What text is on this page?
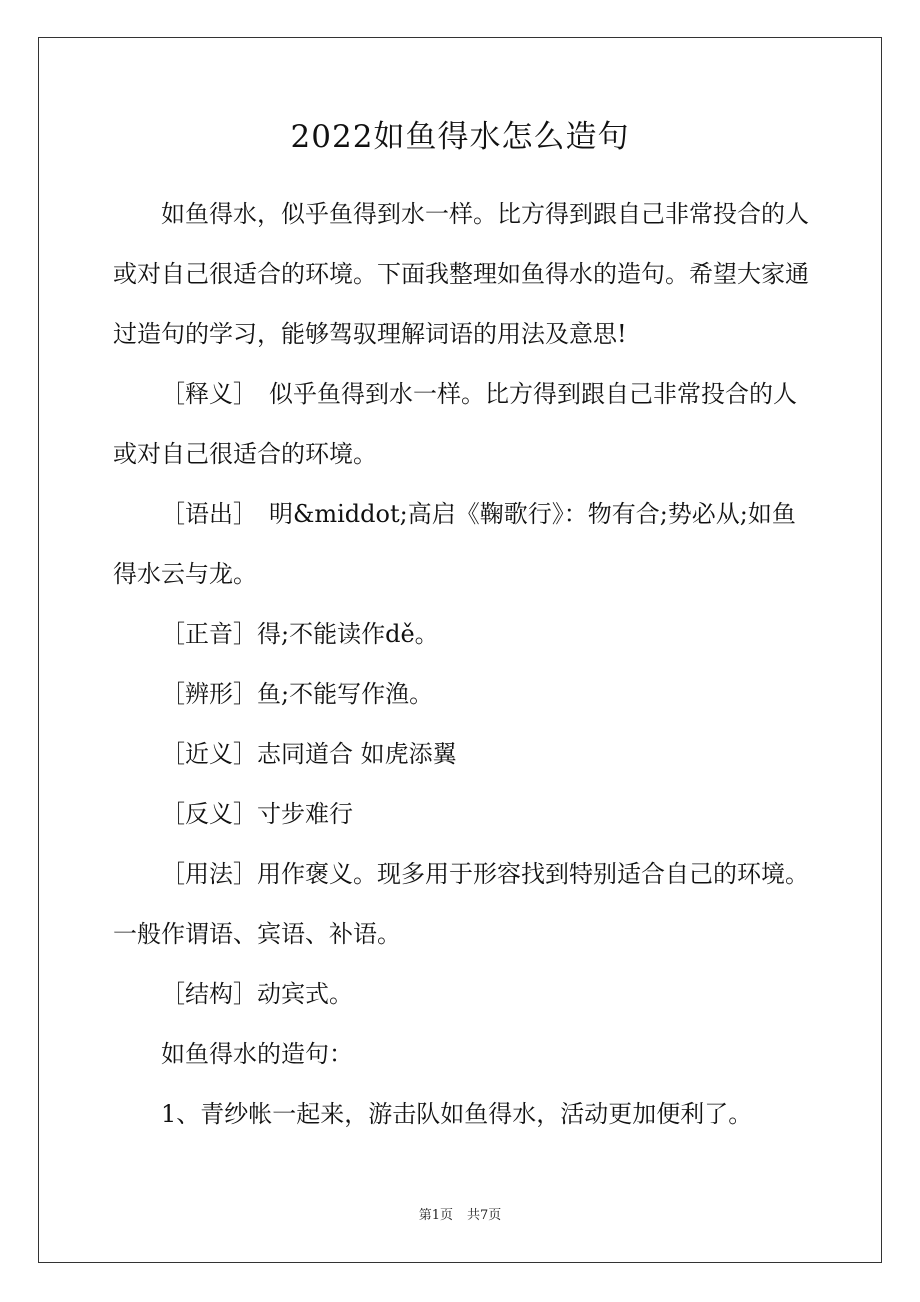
2022如鱼得水怎么造句

如鱼得水，似乎鱼得到水一样。比方得到跟自己非常投合的人或对自己很适合的环境。下面我整理如鱼得水的造句。希望大家通过造句的学习，能够驾驭理解词语的用法及意思!

［释义］　似乎鱼得到水一样。比方得到跟自己非常投合的人或对自己很适合的环境。

［语出］　明&middot;高启《鞠歌行》：物有合;势必从;如鱼得水云与龙。

［正音］得;不能读作dě。

［辨形］鱼;不能写作渔。

［近义］志同道合 如虎添翼

［反义］寸步难行

［用法］用作褒义。现多用于形容找到特别适合自己的环境。一般作谓语、宾语、补语。

［结构］动宾式。

如鱼得水的造句：

1、青纱帐一起来，游击队如鱼得水，活动更加便利了。

第1页 共7页
